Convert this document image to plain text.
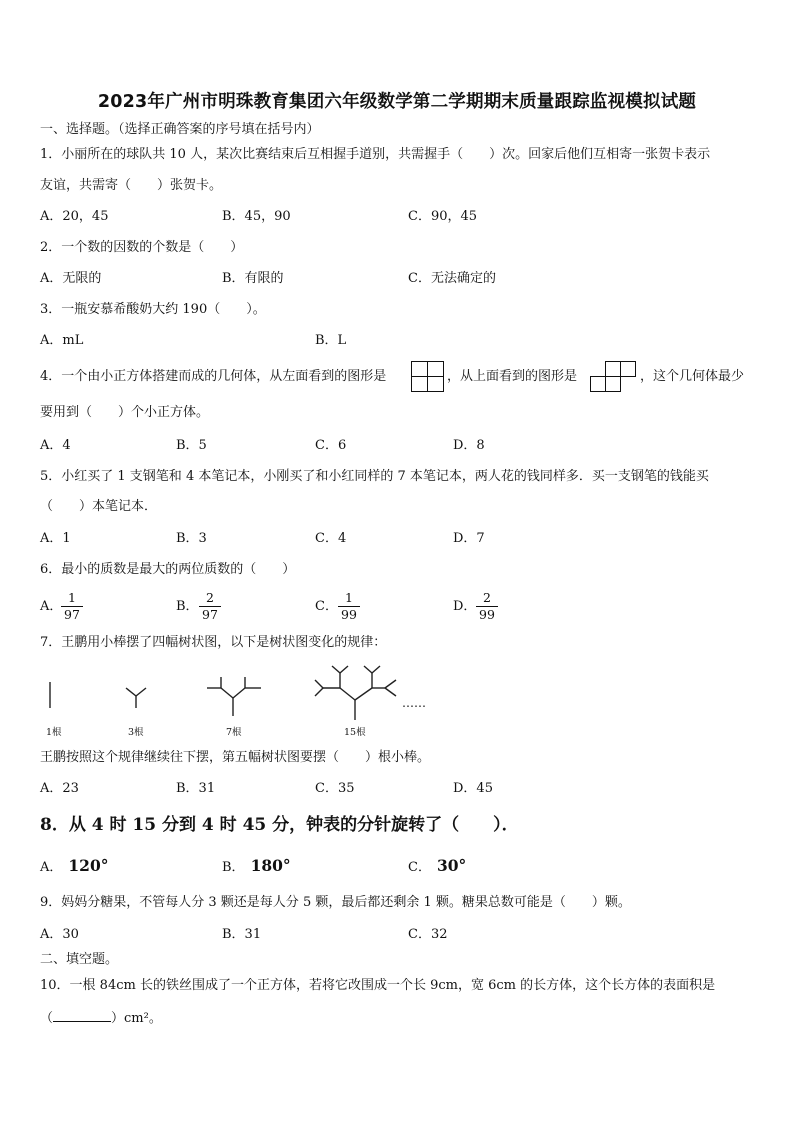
2023年广州市明珠教育集团六年级数学第二学期期末质量跟踪监视模拟试题
一、选择题。（选择正确答案的序号填在括号内）
1．小丽所在的球队共 10 人，某次比赛结束后互相握手道别，共需握手（　　）次。回家后他们互相寄一张贺卡表示
友谊，共需寄（　　）张贺卡。
A．20，45	B．45，90	C．90，45
2．一个数的因数的个数是（　　）
A．无限的	B．有限的	C．无法确定的
3．一瓶安慕希酸奶大约 190（　　）。
A．mL	B．L
4．一个由小正方体搭建而成的几何体，从左面看到的图形是	，从上面看到的图形是	，这个几何体最少
要用到（　　）个小正方体。
A．4	B．5	C．6	D．8
5．小红买了 1 支钢笔和 4 本笔记本，小刚买了和小红同样的 7 本笔记本，两人花的钱同样多．买一支钢笔的钱能买
（　　）本笔记本．
A．1	B．3	C．4	D．7
6．最小的质数是最大的两位质数的（　　）
A．
1
97
B．
2
97
C．
1
99
D．
2
99
7．王鹏用小棒摆了四幅树状图，以下是树状图变化的规律：
……
1根	3根	7根	15根
王鹏按照这个规律继续往下摆，第五幅树状图要摆（　　）根小棒。
A．23	B．31	C．35	D．45
8．从 4 时 15 分到 4 时 45 分，钟表的分针旋转了（　　）．
A． 120°	B． 180°	C． 30°
9．妈妈分糖果，不管每人分 3 颗还是每人分 5 颗，最后都还剩余 1 颗。糖果总数可能是（　　）颗。
A．30	B．31	C．32
二、填空题。
10．一根 84cm 长的铁丝围成了一个正方体，若将它改围成一个长 9cm，宽 6cm 的长方体，这个长方体的表面积是
（	）cm²。
